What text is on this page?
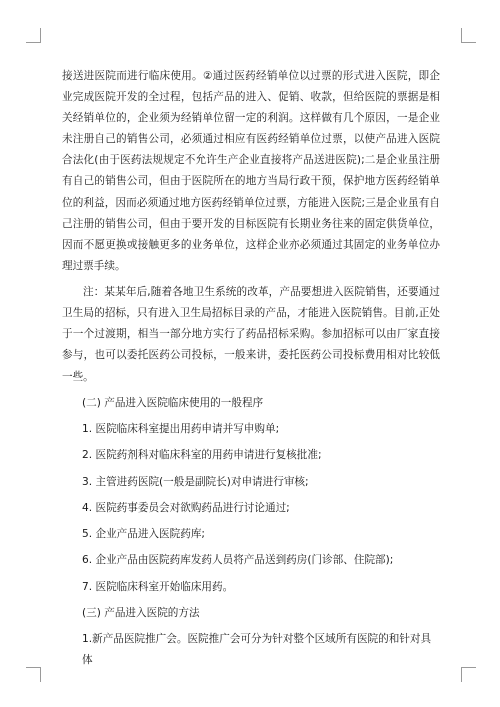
接送进医院而进行临床使用。②通过医药经销单位以过票的形式进入医院，即企业完成医院开发的全过程，包括产品的进入、促销、收款，但给医院的票据是相关经销单位的，企业须为经销单位留一定的利润。这样做有几个原因，一是企业未注册自己的销售公司，必须通过相应有医药经销单位过票，以使产品进入医院合法化(由于医药法规规定不允许生产企业直接将产品送进医院);二是企业虽注册有自己的销售公司，但由于医院所在的地方当局行政干预，保护地方医药经销单位的利益，因而必须通过地方医药经销单位过票，方能进入医院;三是企业虽有自己注册的销售公司，但由于要开发的目标医院有长期业务往来的固定供货单位，因而不愿更换或接触更多的业务单位，这样企业亦必须通过其固定的业务单位办理过票手续。

注：某某年后,随着各地卫生系统的改革，产品要想进入医院销售，还要通过卫生局的招标，只有进入卫生局招标目录的产品，才能进入医院销售。目前,正处于一个过渡期，相当一部分地方实行了药品招标采购。参加招标可以由厂家直接参与，也可以委托医药公司投标，一般来讲，委托医药公司投标费用相对比较低一些。

(二) 产品进入医院临床使用的一般程序

1. 医院临床科室提出用药申请并写申购单;
2. 医院药剂科对临床科室的用药申请进行复核批准;
3. 主管进药医院(一般是副院长)对申请进行审核;
4. 医院药事委员会对欲购药品进行讨论通过;
5. 企业产品进入医院药库;
6. 企业产品由医院药库发药人员将产品送到药房(门诊部、住院部);
7. 医院临床科室开始临床用药。

(三) 产品进入医院的方法

1.新产品医院推广会。医院推广会可分为针对整个区域所有医院的和针对具体
